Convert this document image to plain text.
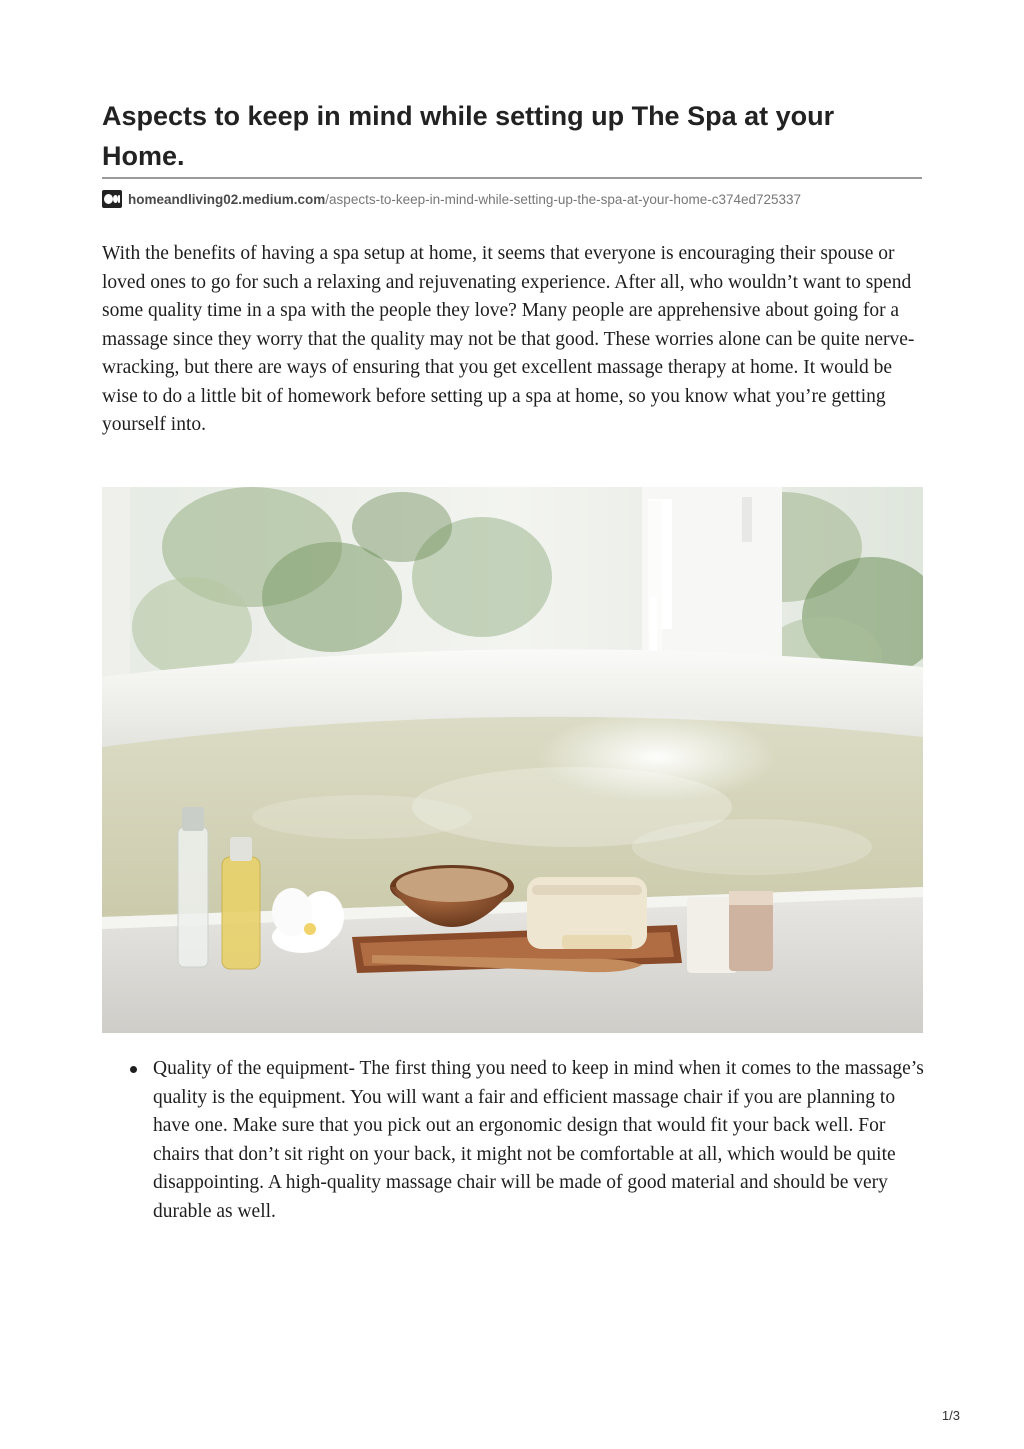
Aspects to keep in mind while setting up The Spa at your Home.
homeandliving02.medium.com /aspects-to-keep-in-mind-while-setting-up-the-spa-at-your-home-c374ed725337

With the benefits of having a spa setup at home, it seems that everyone is encouraging their spouse or loved ones to go for such a relaxing and rejuvenating experience. After all, who wouldn’t want to spend some quality time in a spa with the people they love? Many people are apprehensive about going for a massage since they worry that the quality may not be that good. These worries alone can be quite nerve-wracking, but there are ways of ensuring that you get excellent massage therapy at home. It would be wise to do a little bit of homework before setting up a spa at home, so you know what you’re getting yourself into.

Quality of the equipment- The first thing you need to keep in mind when it comes to the massage’s quality is the equipment. You will want a fair and efficient massage chair if you are planning to have one. Make sure that you pick out an ergonomic design that would fit your back well. For chairs that don’t sit right on your back, it might not be comfortable at all, which would be quite disappointing. A high-quality massage chair will be made of good material and should be very durable as well.
1/3
